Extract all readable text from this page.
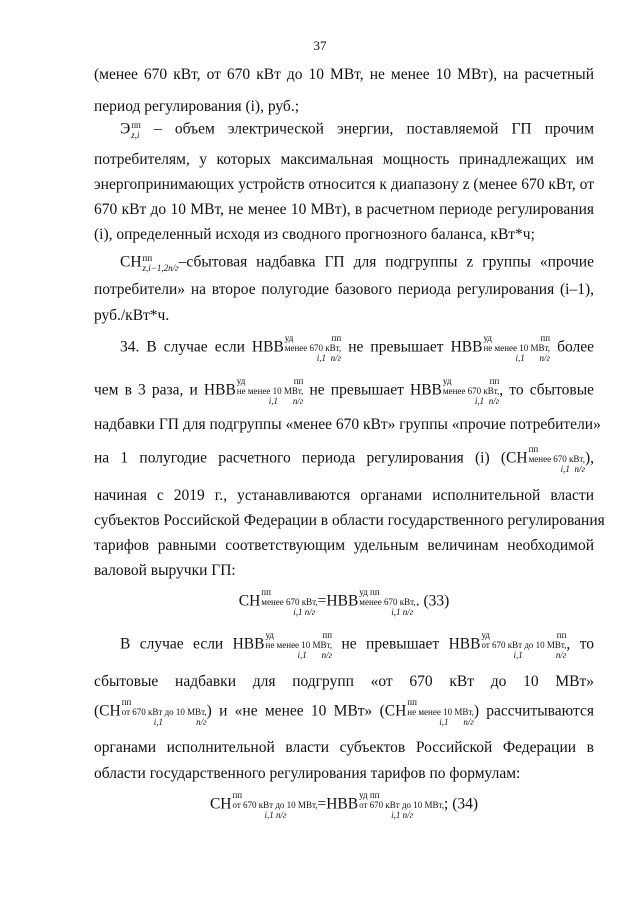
37
(менее 670 кВт, от 670 кВт до 10 МВт, не менее 10 МВт), на расчетный
период регулирования (i), руб.;
Э пп
z,i – объем электрической энергии, поставляемой ГП прочим
потребителям, у которых максимальная мощность принадлежащих им
энергопринимающих устройств относится к диапазону z (менее 670 кВт, от
670 кВт до 10 МВт, не менее 10 МВт), в расчетном периоде регулирования
(i), определенный исходя из сводного прогнозного баланса, кВт*ч;
СН пп
z,i−1,2п/г –сбытовая надбавка ГП для подгруппы z группы «прочие
потребители» на второе полугодие базового периода регулирования (i–1),
руб./кВт*ч.
34. В случае если НВВ
уд пп
менее 670 кВт,
i,1 п/г
не превышает НВВ
уд пп
не менее 10 МВт,
i,1 п/г
более
чем в 3 раза, и НВВ
уд пп
не менее 10 МВт,
i,1 п/г
не превышает НВВ
уд пп
менее 670 кВт,
i,1 п/г
, то сбытовые
надбавки ГП для подгруппы «менее 670 кВт» группы «прочие потребители»
на 1 полугодие расчетного периода регулирования (i) (СН
пп
менее 670 кВт,
i,1 п/г
),
начиная с 2019 г., устанавливаются органами исполнительной власти
субъектов Российской Федерации в области государственного регулирования
тарифов равными соответствующим удельным величинам необходимой
валовой выручки ГП:
СН
пп
менее 670 кВт,
i,1 п/г
=НВВ
уд пп
менее 670 кВт,
i,1 п/г
. (33)
В случае если НВВ
уд пп
не менее 10 МВт,
i,1 п/г
не превышает НВВ
уд пп
от 670 кВт до 10 МВт,
i,1 п/г
, то
сбытовые надбавки для подгрупп «от 670 кВт до 10 МВт»
(СН
пп
от 670 кВт до 10 МВт,
i,1 п/г
) и «не менее 10 МВт» (СН
пп
не менее 10 МВт,
i,1 п/г
) рассчитываются
органами исполнительной власти субъектов Российской Федерации в
области государственного регулирования тарифов по формулам:
СН
пп
от 670 кВт до 10 МВт,
i,1 п/г
=НВВ
уд пп
от 670 кВт до 10 МВт,
i,1 п/г
; (34)
